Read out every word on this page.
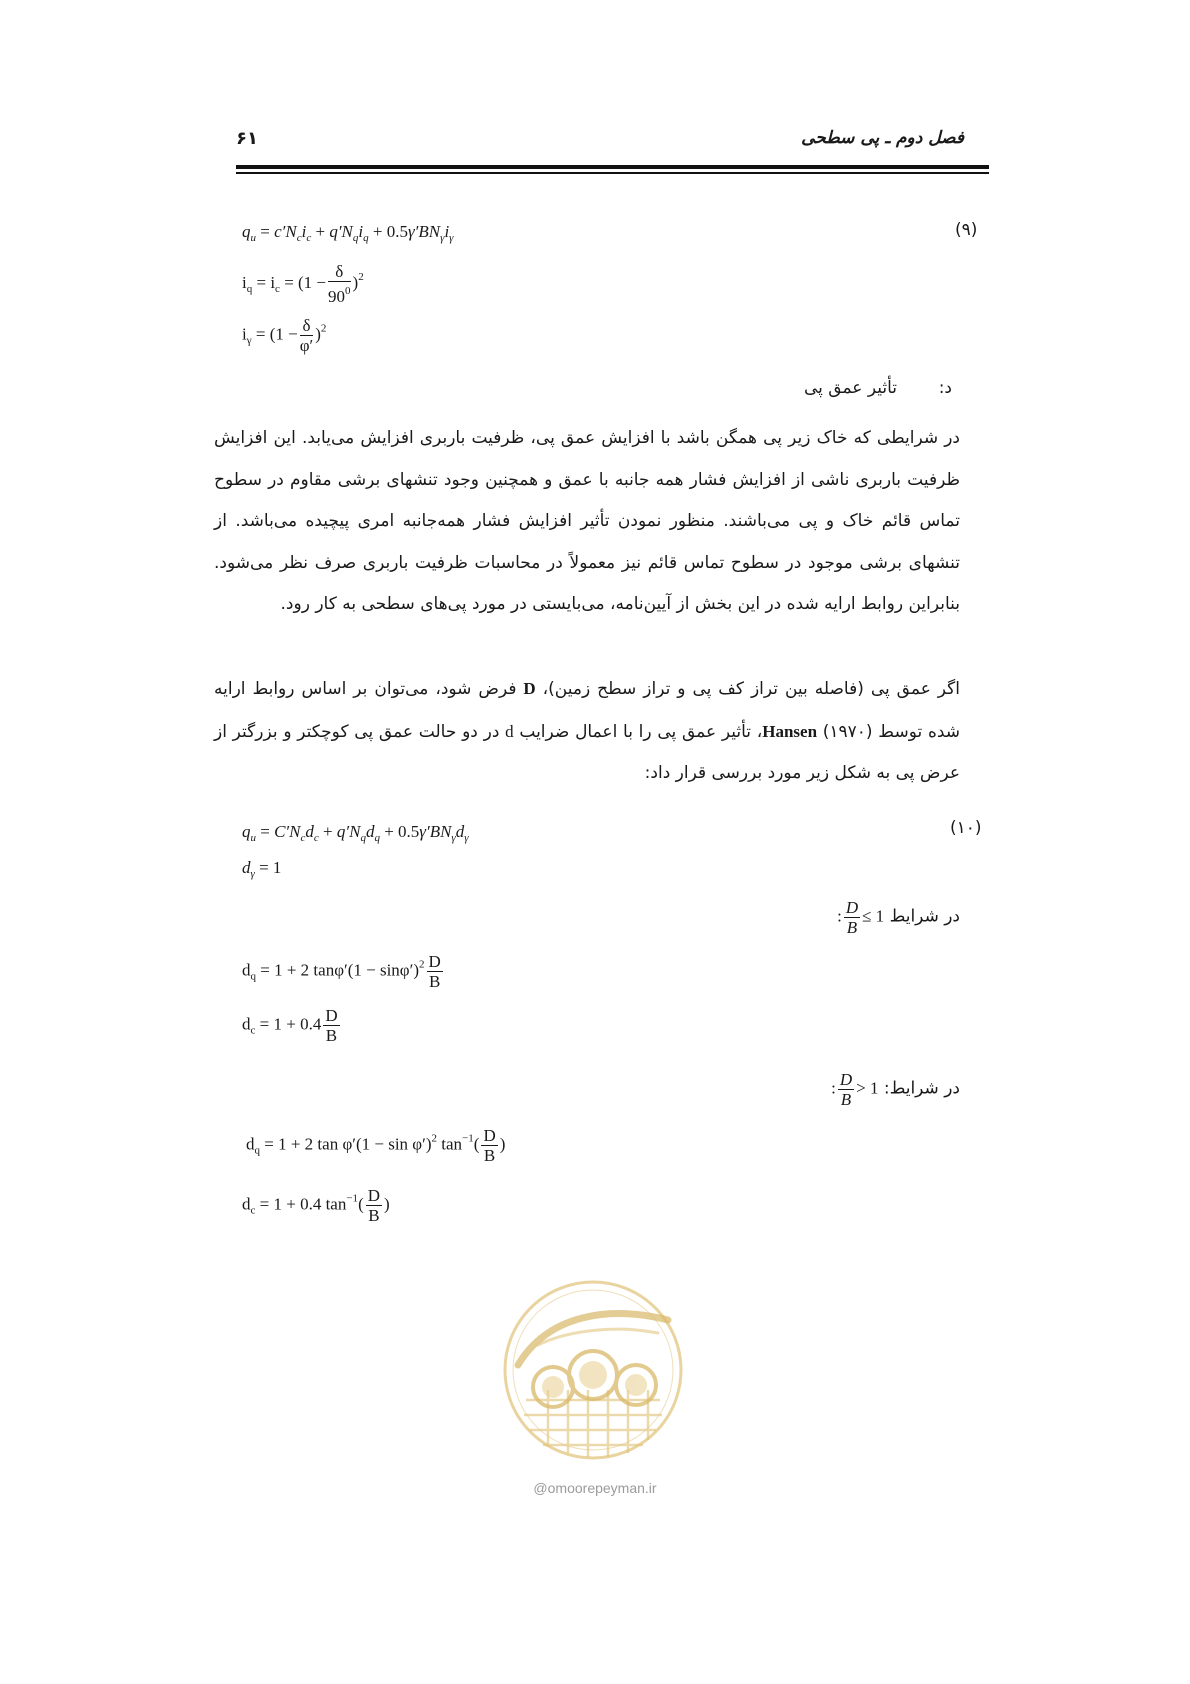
فصل دوم ـ پی سطحی
۶۱
(۹)
$q_u = c'N_ci_c + q'N_qi_q + 0.5\gamma'BN_\gamma i_\gamma$
$i_q = i_c = (1 - \frac{\delta}{90^0} )^2$
$i_\gamma = (1 - \frac{\delta}{\varphi'} )^2$
د:
تأثیر عمق پی

در شرایطی که خاک زیر پی همگن باشد با افزایش عمق پی، ظرفیت باربری افزایش می‌یابد. این افزایش ظرفیت باربری ناشی از افزایش فشار همه جانبه با عمق و همچنین وجود تنشهای برشی مقاوم در سطوح تماس قائم خاک و پی می‌باشند. منظور نمودن تأثیر افزایش فشار همه‌جانبه امری پیچیده می‌باشد. از تنشهای برشی موجود در سطوح تماس قائم نیز معمولاً در محاسبات ظرفیت باربری صرف نظر می‌شود. بنابراین روابط ارایه شده در این بخش از آیین‌نامه، می‌بایستی در مورد پی‌های سطحی به کار رود.

اگر عمق پی (فاصله بین تراز کف پی و تراز سطح زمین)، D فرض شود، می‌توان بر اساس روابط ارایه شده توسط Hansen (۱۹۷۰)، تأثیر عمق پی را با اعمال ضرایب d در دو حالت عمق پی کوچکتر و بزرگتر از عرض پی به شکل زیر مورد بررسی قرار داد:

(۱۰)
$q_u = C'N_cd_c + q'N_qd_q + 0.5\gamma'BN_\gamma d_\gamma$
$d_\gamma = 1$
در شرایط : $\frac{D}{B} \le 1$
$d_q = 1 + 2$ $\tan\varphi'(1 - \sin\varphi')^2 \frac{D}{B}$
$d_c = 1 + 0.4 \frac{D}{B}$
در شرایط: : $\frac{D}{B} > 1$
$d_q = 1 + 2$ $\tan \varphi'(1 - \sin \varphi')^2$ $\tan^{-1}( \frac{D}{B}$ )
$d_c = 1 + 0.4$ $\tan^{-1}( \frac{D}{B}$ )
@omoorepeyman.ir
